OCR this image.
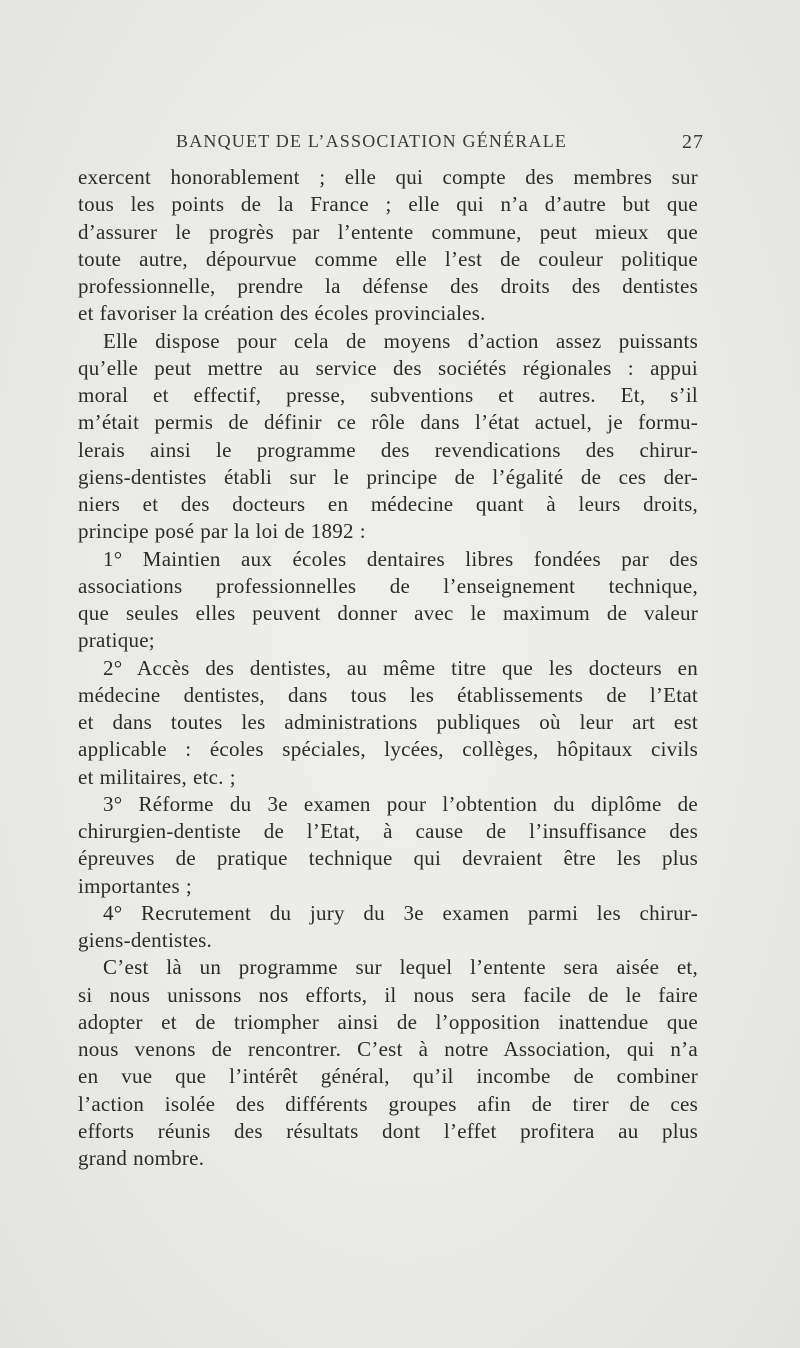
BANQUET DE L’ASSOCIATION GÉNÉRALE	27

exercent honorablement ; elle qui compte des membres sur
tous les points de la France ; elle qui n’a d’autre but que
d’assurer le progrès par l’entente commune, peut mieux que
toute autre, dépourvue comme elle l’est de couleur politique
professionnelle, prendre la défense des droits des dentistes
et favoriser la création des écoles provinciales.

Elle dispose pour cela de moyens d’action assez puissants
qu’elle peut mettre au service des sociétés régionales : appui
moral et effectif, presse, subventions et autres. Et, s’il
m’était permis de définir ce rôle dans l’état actuel, je formu-
lerais ainsi le programme des revendications des chirur-
giens-dentistes établi sur le principe de l’égalité de ces der-
niers et des docteurs en médecine quant à leurs droits,
principe posé par la loi de 1892 :

1° Maintien aux écoles dentaires libres fondées par des
associations professionnelles de l’enseignement technique,
que seules elles peuvent donner avec le maximum de valeur
pratique;

2° Accès des dentistes, au même titre que les docteurs en
médecine dentistes, dans tous les établissements de l’Etat
et dans toutes les administrations publiques où leur art est
applicable : écoles spéciales, lycées, collèges, hôpitaux civils
et militaires, etc. ;

3° Réforme du 3e examen pour l’obtention du diplôme de
chirurgien-dentiste de l’Etat, à cause de l’insuffisance des
épreuves de pratique technique qui devraient être les plus
importantes ;

4° Recrutement du jury du 3e examen parmi les chirur-
giens-dentistes.

C’est là un programme sur lequel l’entente sera aisée et,
si nous unissons nos efforts, il nous sera facile de le faire
adopter et de triompher ainsi de l’opposition inattendue que
nous venons de rencontrer. C’est à notre Association, qui n’a
en vue que l’intérêt général, qu’il incombe de combiner
l’action isolée des différents groupes afin de tirer de ces
efforts réunis des résultats dont l’effet profitera au plus
grand nombre.
